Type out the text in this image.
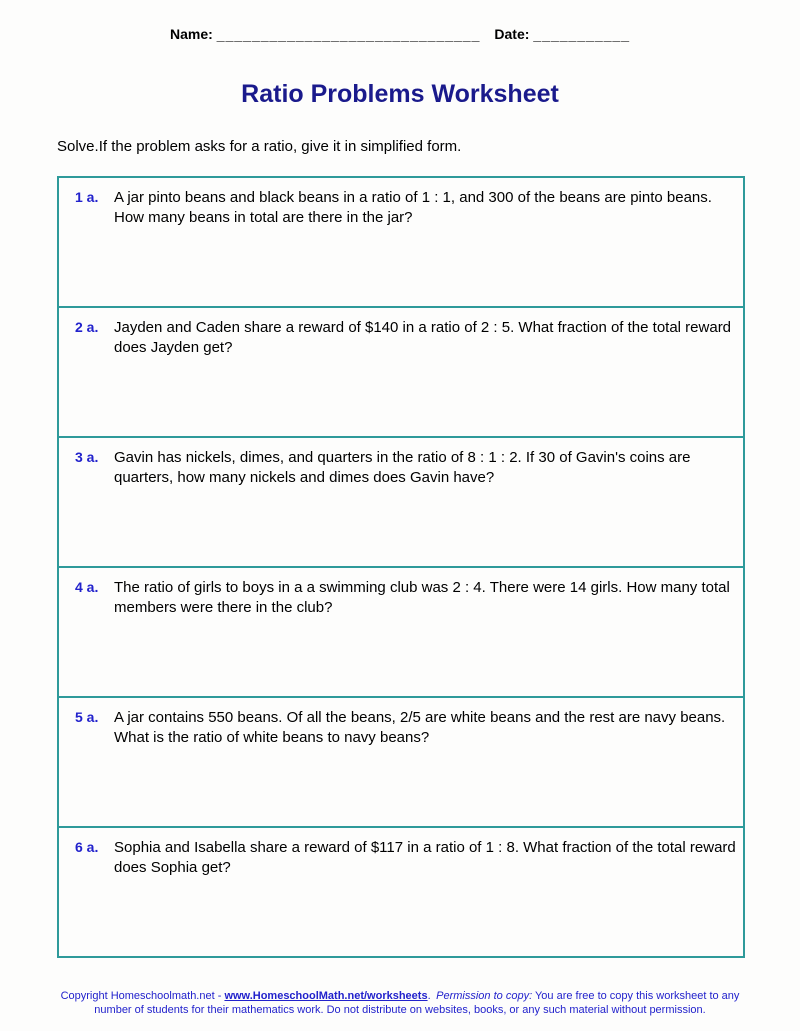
Name: ______________________________ Date: ___________
Ratio Problems Worksheet
Solve.If the problem asks for a ratio, give it in simplified form.
1 a.	A jar pinto beans and black beans in a ratio of 1 : 1, and 300 of the beans are pinto beans. How many beans in total are there in the jar?
2 a.	Jayden and Caden share a reward of $140 in a ratio of 2 : 5. What fraction of the total reward does Jayden get?
3 a.	Gavin has nickels, dimes, and quarters in the ratio of 8 : 1 : 2. If 30 of Gavin's coins are quarters, how many nickels and dimes does Gavin have?
4 a.	The ratio of girls to boys in a a swimming club was 2 : 4. There were 14 girls. How many total members were there in the club?
5 a.	A jar contains 550 beans. Of all the beans, 2/5 are white beans and the rest are navy beans. What is the ratio of white beans to navy beans?
6 a.	Sophia and Isabella share a reward of $117 in a ratio of 1 : 8. What fraction of the total reward does Sophia get?
Copyright Homeschoolmath.net - www.HomeschoolMath.net/worksheets. Permission to copy: You are free to copy this worksheet to any
number of students for their mathematics work. Do not distribute on websites, books, or any such material without permission.
